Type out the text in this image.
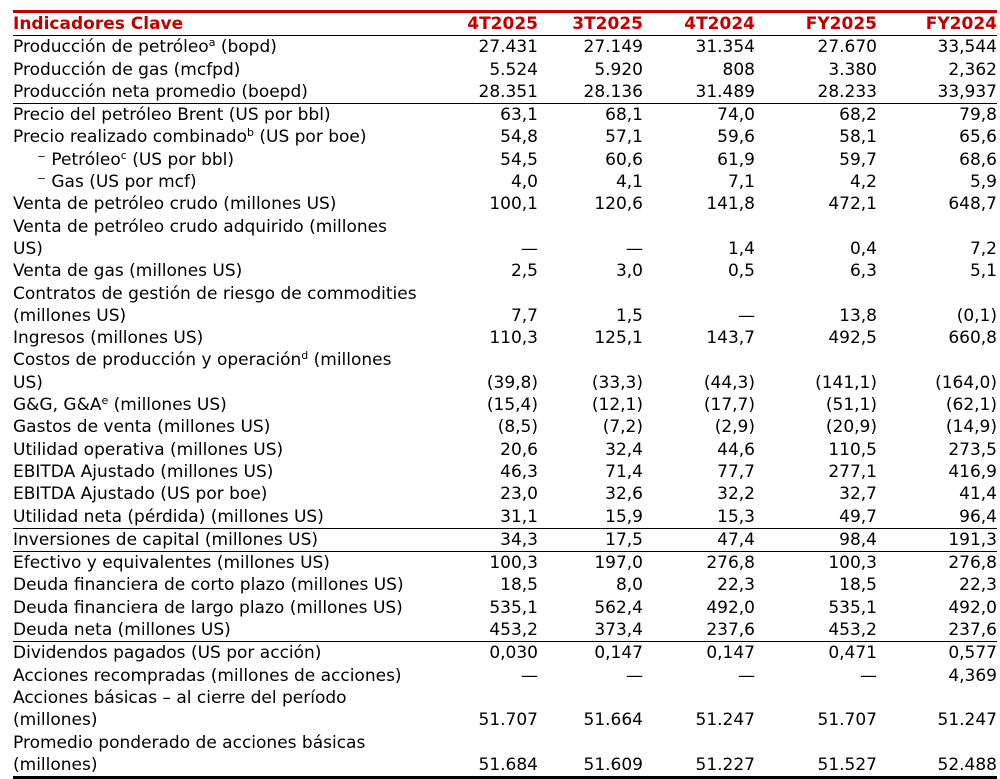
Indicadores Clave	4T2025	3T2025	4T2024	FY2025	FY2024
Producción de petróleo$^a$ (bopd)	27.431	27.149	31.354	27.670	33,544
Producción de gas (mcfpd)	5.524	5.920	808	3.380	2,362
Producción neta promedio (boepd)	28.351	28.136	31.489	28.233	33,937
Precio del petróleo Brent (US por bbl)	63,1	68,1	74,0	68,2	79,8
Precio realizado combinado$^b$ (US por boe)	54,8	57,1	59,6	58,1	65,6
⁻ Petróleo$^c$ (US por bbl)	54,5	60,6	61,9	59,7	68,6
⁻ Gas (US por mcf)	4,0	4,1	7,1	4,2	5,9
Venta de petróleo crudo (millones US)	100,1	120,6	141,8	472,1	648,7
Venta de petróleo crudo adquirido (millones
US)	—	—	1,4	0,4	7,2
Venta de gas (millones US)	2,5	3,0	0,5	6,3	5,1
Contratos de gestión de riesgo de commodities
(millones US)	7,7	1,5	—	13,8	(0,1)
Ingresos (millones US)	110,3	125,1	143,7	492,5	660,8
Costos de producción y operación$^d$ (millones
US)	(39,8)	(33,3)	(44,3)	(141,1)	(164,0)
G&G, $G\&A^e$ (millones US)	(15,4)	(12,1)	(17,7)	(51,1)	(62,1)
Gastos de venta (millones US)	(8,5)	(7,2)	(2,9)	(20,9)	(14,9)
Utilidad operativa (millones US)	20,6	32,4	44,6	110,5	273,5
EBITDA Ajustado (millones US)	46,3	71,4	77,7	277,1	416,9
EBITDA Ajustado (US por boe)	23,0	32,6	32,2	32,7	41,4
Utilidad neta (pérdida) (millones US)	31,1	15,9	15,3	49,7	96,4
Inversiones de capital (millones US)	34,3	17,5	47,4	98,4	191,3
Efectivo y equivalentes (millones US)	100,3	197,0	276,8	100,3	276,8
Deuda financiera de corto plazo (millones US)	18,5	8,0	22,3	18,5	22,3
Deuda financiera de largo plazo (millones US)	535,1	562,4	492,0	535,1	492,0
Deuda neta (millones US)	453,2	373,4	237,6	453,2	237,6
Dividendos pagados (US por acción)	0,030	0,147	0,147	0,471	0,577
Acciones recompradas (millones de acciones)	—	—	—	—	4,369
Acciones básicas – al cierre del período
(millones)	51.707	51.664	51.247	51.707	51.247
Promedio ponderado de acciones básicas
(millones)	51.684	51.609	51.227	51.527	52.488
